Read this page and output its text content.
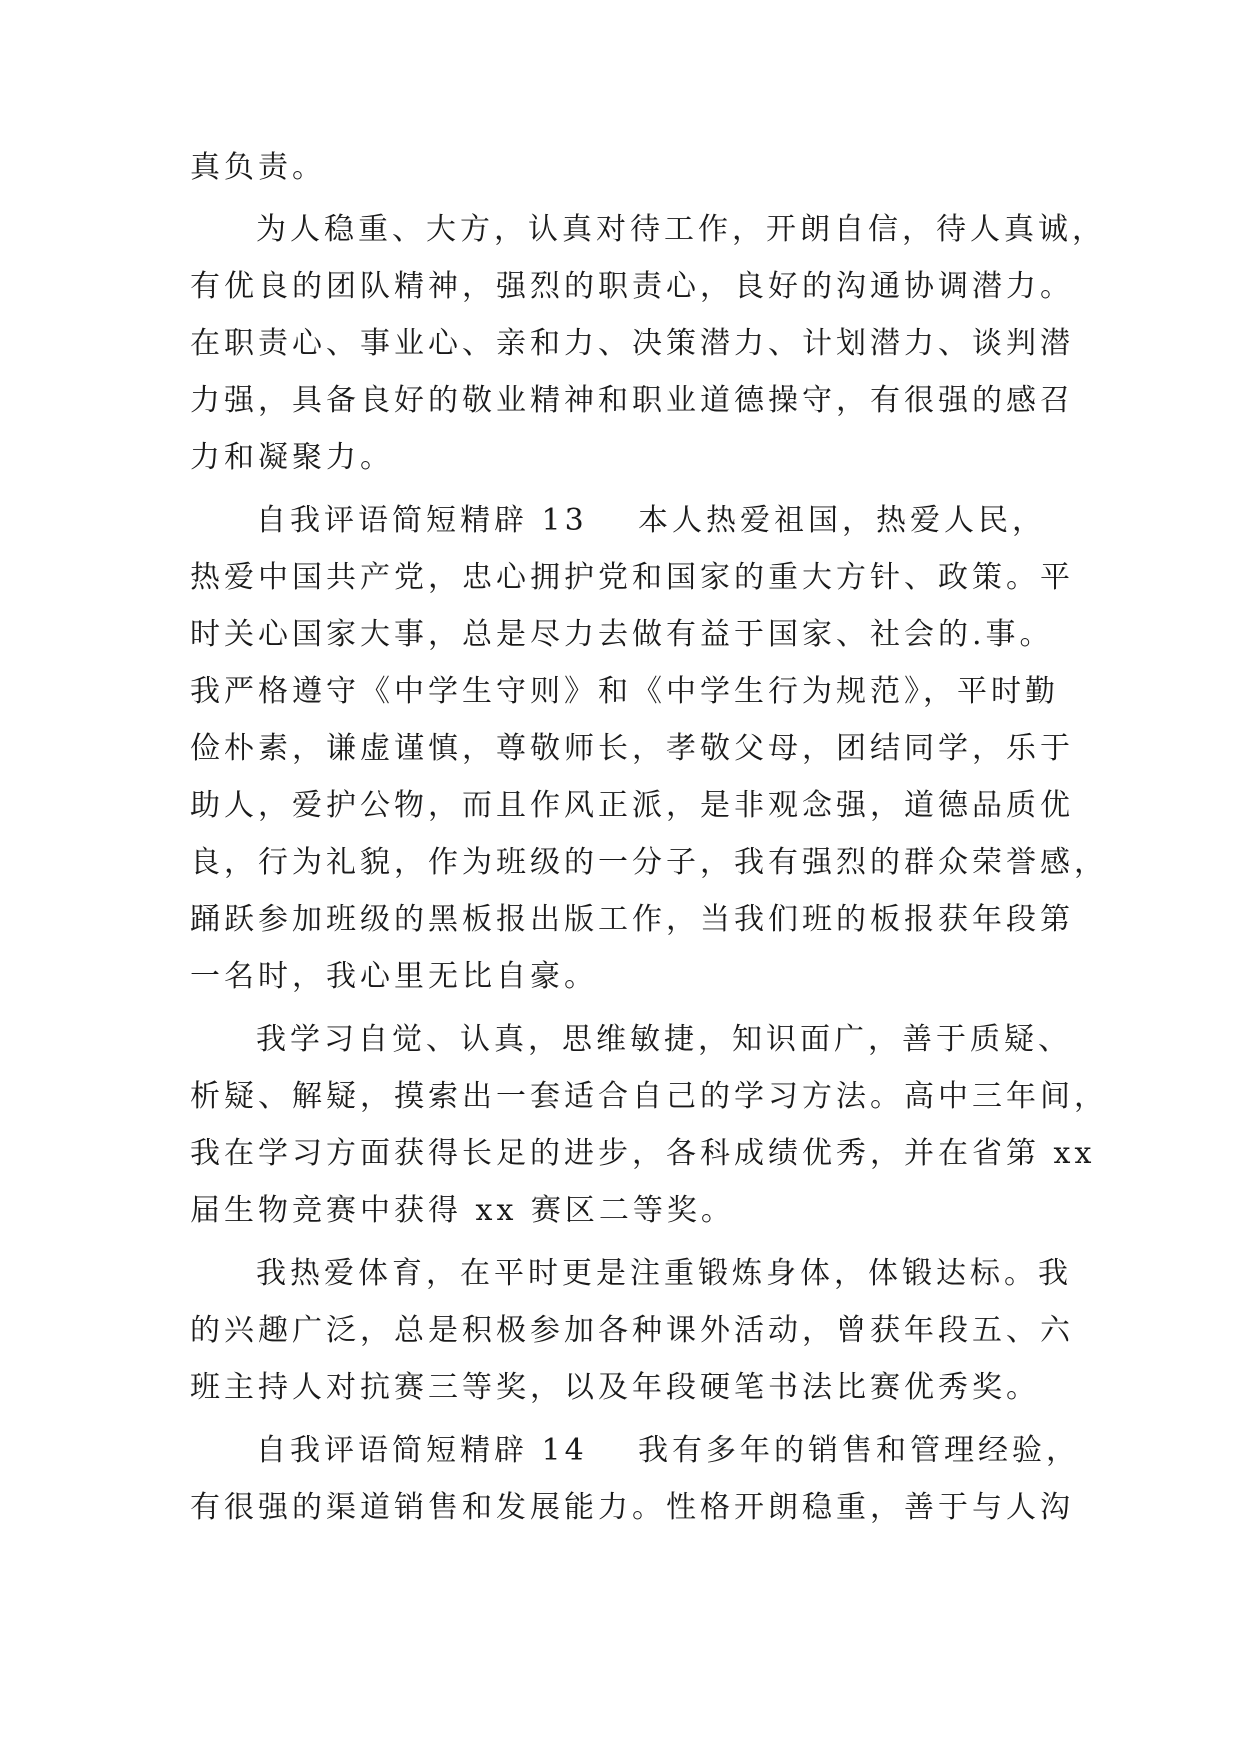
真负责。
为人稳重、大方，认真对待工作，开朗自信，待人真诚，
有优良的团队精神，强烈的职责心，良好的沟通协调潜力。
在职责心、事业心、亲和力、决策潜力、计划潜力、谈判潜
力强，具备良好的敬业精神和职业道德操守，有很强的感召
力和凝聚力。
自我评语简短精辟 13 本人热爱祖国，热爱人民，
热爱中国共产党，忠心拥护党和国家的重大方针、政策。平
时关心国家大事，总是尽力去做有益于国家、社会的.事。
我严格遵守《中学生守则》和《中学生行为规范》，平时勤
俭朴素，谦虚谨慎，尊敬师长，孝敬父母，团结同学，乐于
助人，爱护公物，而且作风正派，是非观念强，道德品质优
良，行为礼貌，作为班级的一分子，我有强烈的群众荣誉感，
踊跃参加班级的黑板报出版工作，当我们班的板报获年段第
一名时，我心里无比自豪。
我学习自觉、认真，思维敏捷，知识面广，善于质疑、
析疑、解疑，摸索出一套适合自己的学习方法。高中三年间，
我在学习方面获得长足的进步，各科成绩优秀，并在省第 xx
届生物竞赛中获得 xx 赛区二等奖。
我热爱体育，在平时更是注重锻炼身体，体锻达标。我
的兴趣广泛，总是积极参加各种课外活动，曾获年段五、六
班主持人对抗赛三等奖，以及年段硬笔书法比赛优秀奖。
自我评语简短精辟 14 我有多年的销售和管理经验，
有很强的渠道销售和发展能力。性格开朗稳重，善于与人沟
